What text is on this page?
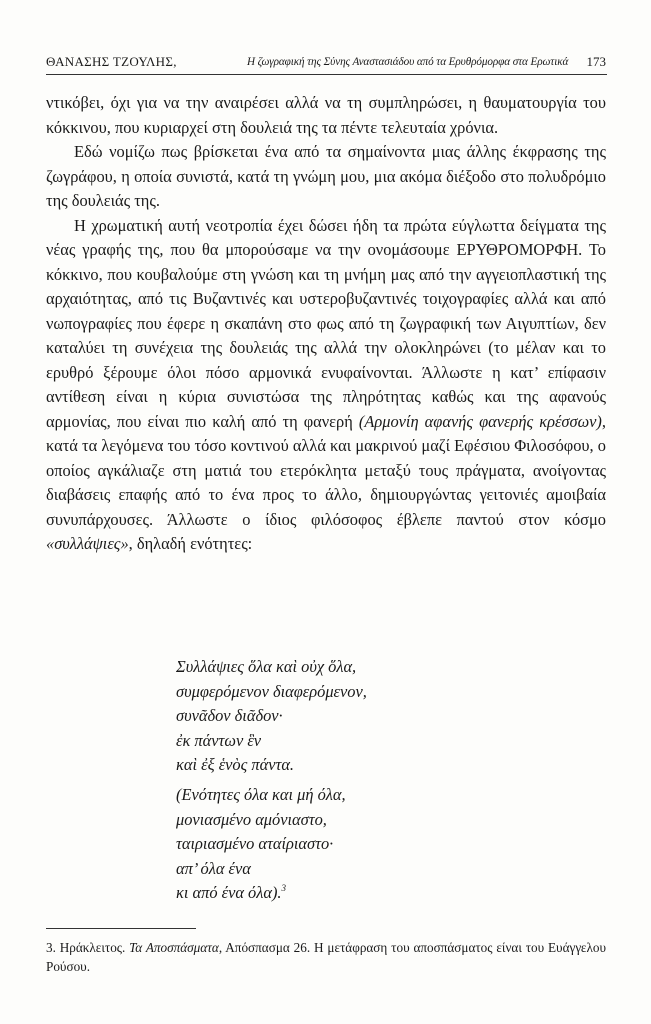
ΘΑΝΑΣΗΣ ΤΖΟΥΛΗΣ,	Η ζωγραφική της Σύνης Αναστασιάδου από τα Ερυθρόμορφα στα Ερωτικά 173

ντικόβει, όχι για να την αναιρέσει αλλά να τη συμπληρώσει, η θαυματουργία του κόκκινου, που κυριαρχεί στη δουλειά της τα πέντε τελευταία χρόνια.

Εδώ νομίζω πως βρίσκεται ένα από τα σημαίνοντα μιας άλλης έκφρασης της ζωγράφου, η οποία συνιστά, κατά τη γνώμη μου, μια ακόμα διέξοδο στο πολυδρόμιο της δουλειάς της.

Η χρωματική αυτή νεοτροπία έχει δώσει ήδη τα πρώτα εύγλωττα δείγματα της νέας γραφής της, που θα μπορούσαμε να την ονομάσουμε ΕΡΥΘΡΟΜΟΡΦΗ. Το κόκκινο, που κουβαλούμε στη γνώση και τη μνήμη μας από την αγγειοπλαστική της αρχαιότητας, από τις Βυζαντινές και υστεροβυζαντινές τοιχογραφίες αλλά και από νωπογραφίες που έφερε η σκαπάνη στο φως από τη ζωγραφική των Αιγυπτίων, δεν καταλύει τη συνέχεια της δουλειάς της αλλά την ολοκληρώνει (το μέλαν και το ερυθρό ξέρουμε όλοι πόσο αρμονικά ενυφαίνονται. Άλλωστε η κατ’ επίφασιν αντίθεση είναι η κύρια συνιστώσα της πληρότητας καθώς και της αφανούς αρμονίας, που είναι πιο καλή από τη φανερή (Αρμονίη αφανής φανερής κρέσσων), κατά τα λεγόμενα του τόσο κοντινού αλλά και μακρινού μαζί Εφέσιου Φιλοσόφου, ο οποίος αγκάλιαζε στη ματιά του ετερόκλητα μεταξύ τους πράγματα, ανοίγοντας διαβάσεις επαφής από το ένα προς το άλλο, δημιουργώντας γειτονιές αμοιβαία συνυπάρχουσες. Άλλωστε ο ίδιος φιλόσοφος έβλεπε παντού στον κόσμο «συλλάψιες», δηλαδή ενότητες:

Συλλάψιες ὅλα καὶ οὐχ ὅλα,
συμφερόμενον διαφερόμενον,
συνᾶδον διᾶδον·
ἐκ πάντων ἓν
καὶ ἐξ ἑνὸς πάντα.
(Ενότητες όλα και μή όλα,
μονιασμένο αμόνιαστο,
ταιριασμένο αταίριαστο·
απ’ όλα ένα
κι από ένα όλα).$^3$
3. Ηράκλειτος. Τα Αποσπάσματα, Απόσπασμα 26. Η μετάφραση του αποσπάσματος είναι του Ευάγγελου Ρούσου.
